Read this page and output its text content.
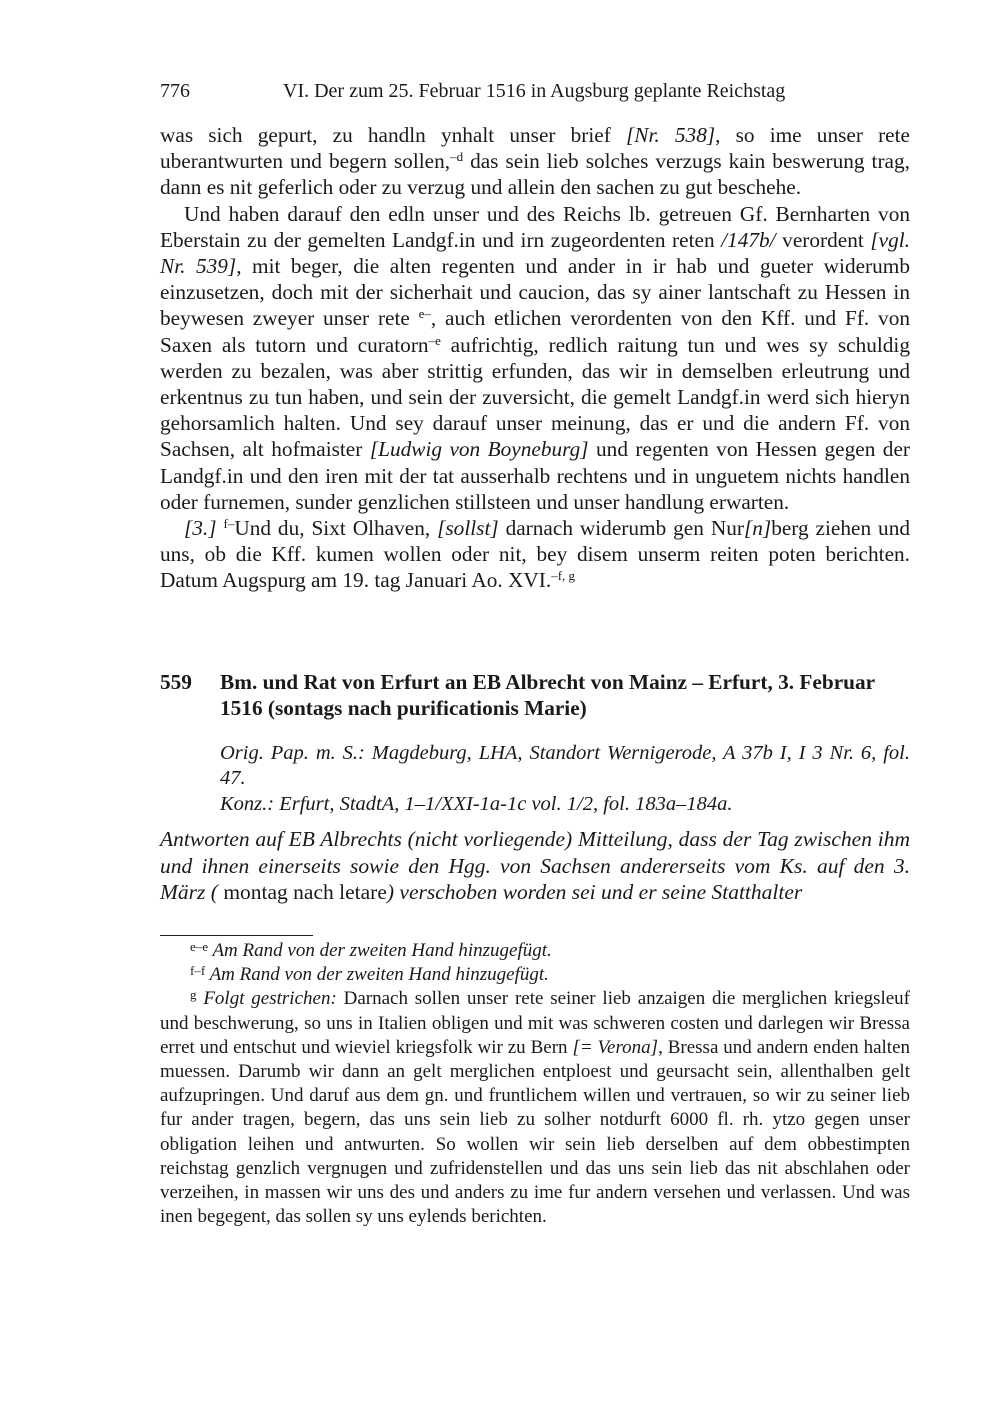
776	VI. Der zum 25. Februar 1516 in Augsburg geplante Reichstag

was sich gepurt, zu handln ynhalt unser brief [Nr. 538], so ime unser rete uberantwurten und begern sollen,$^{-d}$ das sein lieb solches verzugs kain beswerung trag, dann es nit geferlich oder zu verzug und allein den sachen zu gut beschehe.

Und haben darauf den edln unser und des Reichs lb. getreuen Gf. Bernharten von Eberstain zu der gemelten Landgf.in und irn zugeordenten reten /147b/ verordent [vgl. Nr. 539], mit beger, die alten regenten und ander in ir hab und gueter widerumb einzusetzen, doch mit der sicherhait und caucion, das sy ainer lantschaft zu Hessen in beywesen zweyer unser rete $^{e-}$, auch etlichen verordenten von den Kff. und Ff. von Saxen als tutorn und curatorn$^{-e}$ aufrichtig, redlich raitung tun und wes sy schuldig werden zu bezalen, was aber strittig erfunden, das wir in demselben erleutrung und erkentnus zu tun haben, und sein der zuversicht, die gemelt Landgf.in werd sich hieryn gehorsamlich halten. Und sey darauf unser meinung, das er und die andern Ff. von Sachsen, alt hofmaister [Ludwig von Boyneburg] und regenten von Hessen gegen der Landgf.in und den iren mit der tat ausserhalb rechtens und in unguetem nichts handlen oder furnemen, sunder genzlichen stillsteen und unser handlung erwarten.

[3.] $^{f-}$Und du, Sixt Olhaven, [sollst] darnach widerumb gen Nur[n]berg ziehen und uns, ob die Kff. kumen wollen oder nit, bey disem unserm reiten poten berichten. Datum Augspurg am 19. tag Januari Ao. XVI.$^{-f, g}$

559 Bm. und Rat von Erfurt an EB Albrecht von Mainz – Erfurt, 3. Februar 1516 (sontags nach purificationis Marie)

Orig. Pap. m. S.: Magdeburg, LHA, Standort Wernigerode, A 37b I, I 3 Nr. 6, fol. 47.

Konz.: Erfurt, StadtA, 1–1/XXI-1a-1c vol. 1/2, fol. 183a–184a.

Antworten auf EB Albrechts (nicht vorliegende) Mitteilung, dass der Tag zwischen ihm und ihnen einerseits sowie den Hgg. von Sachsen andererseits vom Ks. auf den 3. März ( montag nach letare) verschoben worden sei und er seine Statthalter

$^{e-e}$ Am Rand von der zweiten Hand hinzugefügt.

$^{f-f}$ Am Rand von der zweiten Hand hinzugefügt.

$^g$ Folgt gestrichen: Darnach sollen unser rete seiner lieb anzaigen die merglichen kriegsleuf und beschwerung, so uns in Italien obligen und mit was schweren costen und darlegen wir Bressa erret und entschut und wieviel kriegsfolk wir zu Bern [= Verona], Bressa und andern enden halten muessen. Darumb wir dann an gelt merglichen entploest und geursacht sein, allenthalben gelt aufzupringen. Und daruf aus dem gn. und fruntlichem willen und vertrauen, so wir zu seiner lieb fur ander tragen, begern, das uns sein lieb zu solher notdurft 6000 fl. rh. ytzo gegen unser obligation leihen und antwurten. So wollen wir sein lieb derselben auf dem obbestimpten reichstag genzlich vergnugen und zufridenstellen und das uns sein lieb das nit abschlahen oder verzeihen, in massen wir uns des und anders zu ime fur andern versehen und verlassen. Und was inen begegent, das sollen sy uns eylends berichten.
